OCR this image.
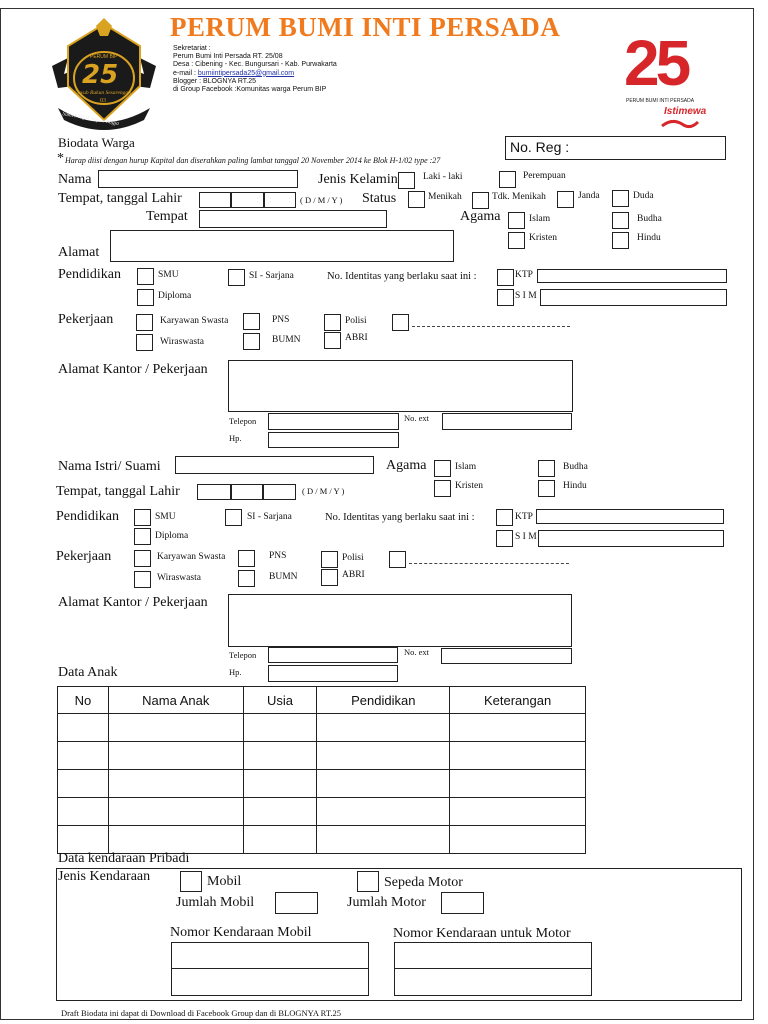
25
PERUM BIP
Guyub Rukun Sesarengan
03
Sumeh Bijak Sopan Bagja
PERUM BUMI INTI PERSADA
Sekretariat :
Perum Bumi Inti Persada RT. 25/08
Desa : Cibening - Kec. Bungursari - Kab. Purwakarta
e-mail : bumiintipersada25@gmail.com
Blogger : BLOGNYA RT.25
di Group Facebook :Komunitas warga Perum BIP	25
PERUM BUMI INTI PERSADA
Istimewa
Biodata Warga	No. Reg :
* Harap diisi dengan hurup Kapital dan diserahkan paling lambat tanggal 20 November 2014 ke Blok H-1/02 type :27
Nama	Jenis Kelamin	Laki - laki	Perempuan
Tempat, tanggal Lahir	( D / M / Y ) Status	Menikah	Tdk. Menikah	Janda	Duda
Tempat	Agama	Islam	Budha
Kristen	Hindu
Alamat
Pendidikan	SMU	SI - Sarjana	No. Identitas yang berlaku saat ini :	KTP
Diploma	S I M
Pekerjaan	Karyawan Swasta	PNS	Polisi
Wiraswasta	BUMN	ABRI
Alamat Kantor / Pekerjaan
Telepon	No. ext
Hp.
Nama Istri/ Suami	Agama	Islam	Budha
Kristen	Hindu
Tempat, tanggal Lahir	( D / M / Y )
Pendidikan	SMU	SI - Sarjana	No. Identitas yang berlaku saat ini :	KTP
Diploma	S I M
Pekerjaan	Karyawan Swasta	PNS	Polisi
Wiraswasta	BUMN	ABRI
Alamat Kantor / Pekerjaan
Telepon	No. ext
Hp.
Data Anak
No	Nama Anak	Usia	Pendidikan	Keterangan

Data kendaraan Pribadi
Jenis Kendaraan	Mobil	Sepeda Motor
Jumlah Mobil	Jumlah Motor
Nomor Kendaraan Mobil	Nomor Kendaraan untuk Motor
Draft Biodata ini dapat di Download di Facebook Group dan di BLOGNYA RT.25
